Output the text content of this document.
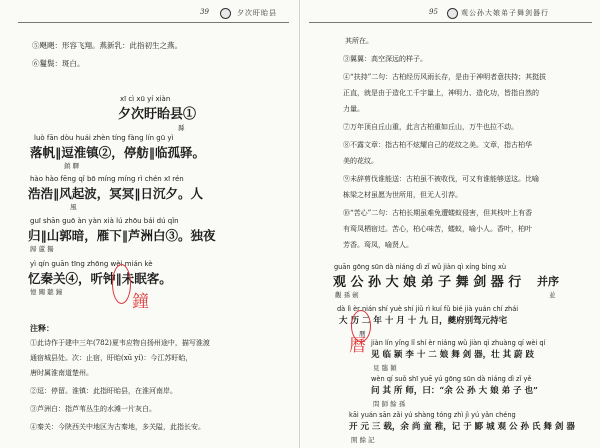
39	夕次盱眙县
⑤飓飓：形容飞翔。燕新乳：此指初生之燕。
⑥鬘鬓：斑白。
xī cì xū yí xiàn
夕次盱眙县①
縣
luò fān dòu huái zhèn tíng fàng lín gū yì
落帆‖逗淮镇②，停舫‖临孤驿。
鎮 驛
hào hào fēng qǐ bō míng míng rì chén xī rén
浩浩‖风起波，冥冥‖日沉夕。人
風
guī shān guō àn yàn xià lú zhōu bái dú qǐn
归‖山郭暗，雁下‖芦洲白③。独夜
歸 蘆 獨
yì qín guān tīng zhōng wèi mián kè
忆秦关④，听钟‖未眠客。
憶 關 聽 鐘	鐘
注释：
①此诗作于建中三年(782)夏韦应物自扬州途中，描写淮渡
通宿城县处。次：止宿，盱眙(xū yí)：今江苏盱眙，
唐时属淮南道楚州。
②逗：停留。淮镇：此指盱眙县，在淮河南岸。
③芦洲白：指芦苇丛生的水滩一片灰白。
④秦关：今陕西关中地区为古秦地，多关隘，此指长安。
95	观公孙大娘弟子舞剑器行
其所在。
③翼翼：高空深远的样子。
④“扶持”二句：古柏经历风雨长存，是由于神明者意扶持；其挺拔
正直，就是由于造化工千宇量上，神明力、造化功，皆指自然的
力量。
⑦万年顶自丘山重，此言古柏重如丘山，万牛也拉不动。
⑧不露文章：指古柏不炫耀自己的花纹之美。文章，指古柏华
美的花纹。
⑨未辞剪伐谁能送：古柏虽不被收伐，可又有谁能够送这。比喻
栋梁之材虽愿为世所用，但无人引荐。
⑩“苦心”二句：古柏长期虽难免遭蝼蚁侵害，但其枝叶上有香
有鸾凤栖宿过。苦心，柏心味苦，蝼蚁，喻小人。香叶，柏叶
芳香。鸾凤，喻贤人。
guān gōng sūn dà niáng dì zǐ wǔ jiàn qì xíng bìng xù
观 公 孙 大 娘 弟 子 舞 剑 器 行 并序
觀 孫 劍	並
dà lì èr nián shí yuè shí jiǔ rì kuí fǔ bié jià yuán chí zhái
大 历 二 年 十 月 十 九 日，夔府别驾元持宅
曆
曆 jiàn lín yǐng lǐ shí èr niáng wǔ jiàn qì zhuàng qí wèi qí
见 临 颍 李 十 二 娘 舞 剑 器，壮 其 蔚 跂
見 臨 潁
wèn qí suǒ shī yuē yú gōng sūn dà niáng dì zǐ yě
问 其 所 师，曰：“余 公 孙 大 娘 弟 子 也”
問 師 餘 孫
kāi yuán sān zǎi yú shàng tóng zhì jì yú yǎn chéng
开 元 三 载，余 尚 童 稚，记 于 郾 城 观 公 孙 氏 舞 剑 器
開 餘 記
